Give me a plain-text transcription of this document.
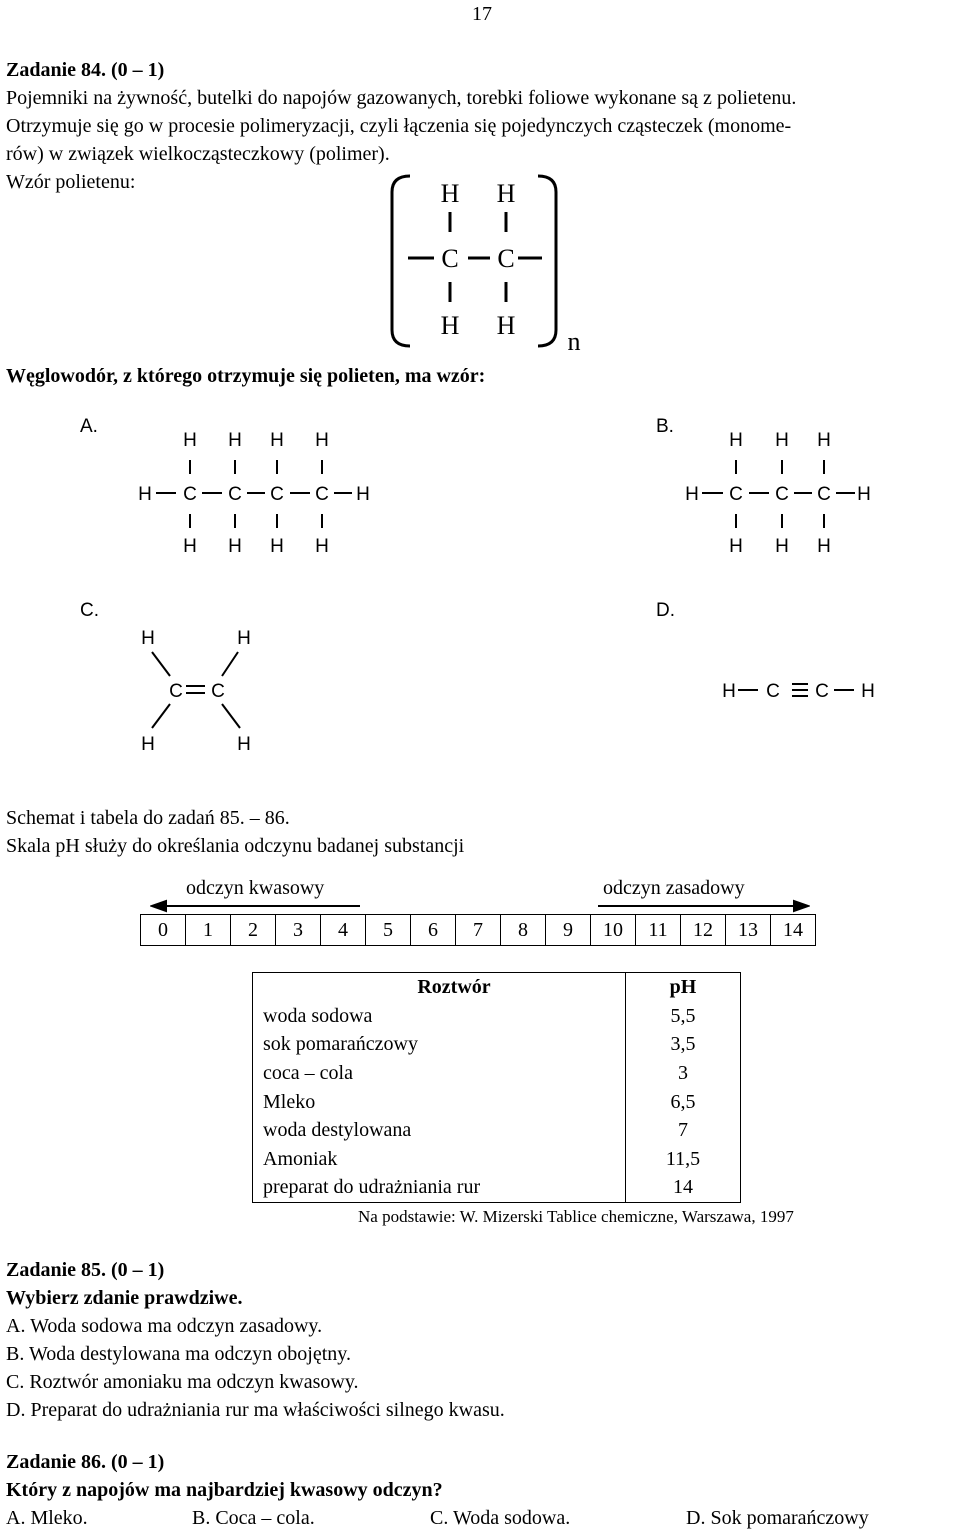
17
Zadanie 84. (0 – 1)
Pojemniki na żywność, butelki do napojów gazowanych, torebki foliowe wykonane są z polietenu.
Otrzymuje się go w procesie polimeryzacji, czyli łączenia się pojedynczych cząsteczek (monome-
rów) w związek wielkocząsteczkowy (polimer).
Wzór polietenu:	H H
C C
H H
n
Węglowodór, z którego otrzymuje się polieten, ma wzór:
A.
H H H H
H C C C C H
H H H H
B.
H H H
H C C C H
H H H
C.
H	H
C C
H	H
D.
H C C H
Schemat i tabela do zadań 85. – 86.
Skala pH służy do określania odczynu badanej substancji
odczyn kwasowy	odczyn zasadowy
0	1	2	3	4	5	6	7	8	9	10	11	12	13	14
Roztwór	pH
woda sodowa	5,5
sok pomarańczowy	3,5
coca – cola	3
Mleko	6,5
woda destylowana	7
Amoniak	11,5
preparat do udrażniania rur	14
Na podstawie: W. Mizerski Tablice chemiczne, Warszawa, 1997
Zadanie 85. (0 – 1)
Wybierz zdanie prawdziwe.
A. Woda sodowa ma odczyn zasadowy.
B. Woda destylowana ma odczyn obojętny.
C. Roztwór amoniaku ma odczyn kwasowy.
D. Preparat do udrażniania rur ma właściwości silnego kwasu.
Zadanie 86. (0 – 1)
Który z napojów ma najbardziej kwasowy odczyn?
A. Mleko.	B. Coca – cola.	C. Woda sodowa.	D. Sok pomarańczowy
